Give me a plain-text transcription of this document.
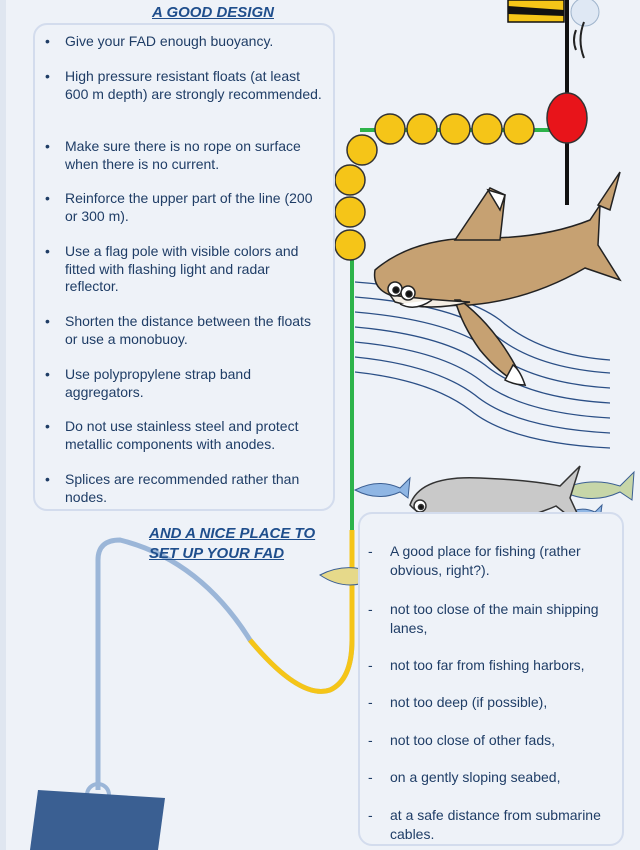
A GOOD DESIGN
• Give your FAD enough buoyancy.
• High pressure resistant floats (at least 600 m depth) are strongly recommended.
• Make sure there is no rope on surface when there is no current.
• Reinforce the upper part of the line (200 or 300 m).
• Use a flag pole with visible colors and fitted with flashing light and radar reflector.
• Shorten the distance between the floats or use a monobuoy.
• Use polypropylene strap band aggregators.
• Do not use stainless steel and protect metallic components with anodes.
• Splices are recommended rather than nodes.
AND A NICE PLACE TO
SET UP YOUR FAD
-	A good place for fishing (rather obvious, right?).
- not too close of the main shipping lanes,
- not too far from fishing harbors,
- not too deep (if possible),
- not too close of other fads,
- on a gently sloping seabed,
- at a safe distance from submarine cables.
